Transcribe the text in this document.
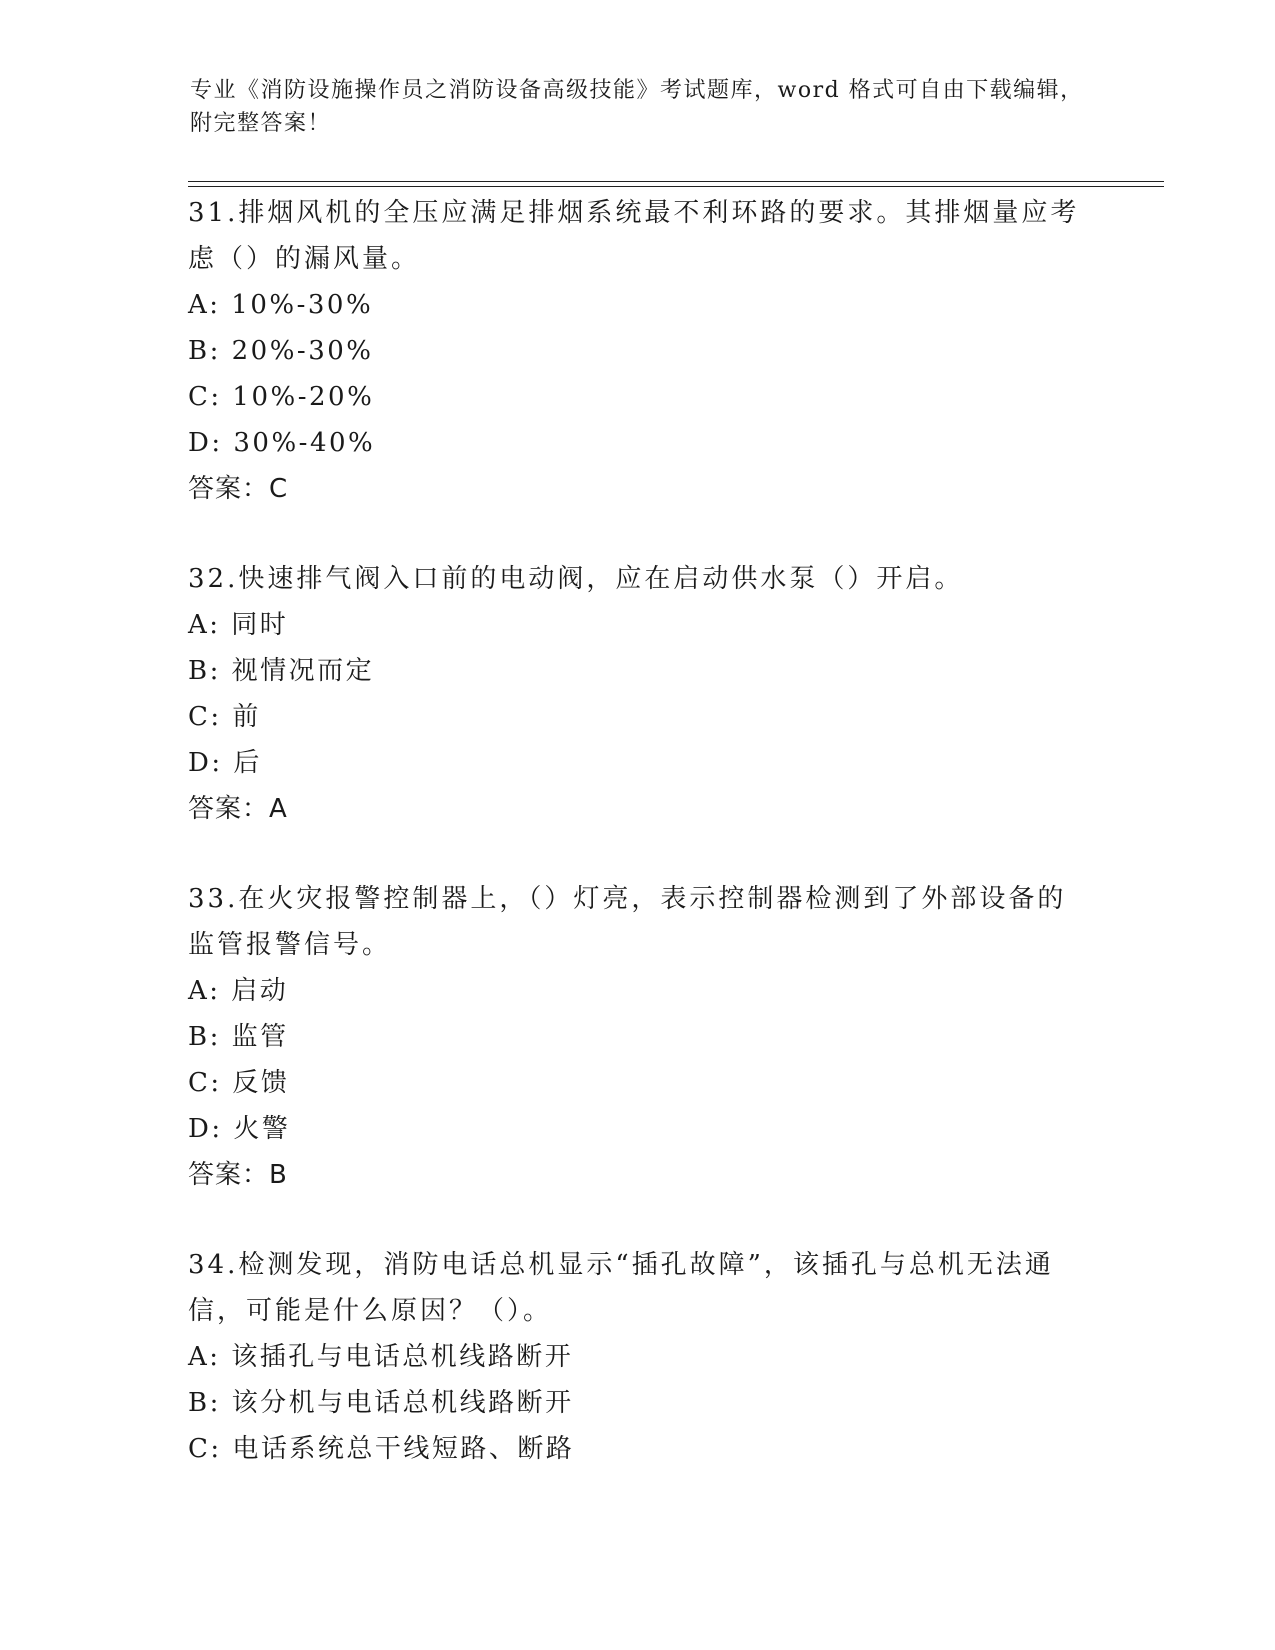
专业《消防设施操作员之消防设备高级技能》考试题库，word 格式可自由下载编辑，附完整答案！
31.排烟风机的全压应满足排烟系统最不利环路的要求。其排烟量应考虑（）的漏风量。
A: 10%-30%
B: 20%-30%
C: 10%-20%
D: 30%-40%
答案：C
32.快速排气阀入口前的电动阀，应在启动供水泵（）开启。
A: 同时
B: 视情况而定
C: 前
D: 后
答案：A
33.在火灾报警控制器上，（）灯亮，表示控制器检测到了外部设备的监管报警信号。
A: 启动
B: 监管
C: 反馈
D: 火警
答案：B
34.检测发现，消防电话总机显示“插孔故障”，该插孔与总机无法通信，可能是什么原因？（）。
A: 该插孔与电话总机线路断开
B: 该分机与电话总机线路断开
C: 电话系统总干线短路、断路
